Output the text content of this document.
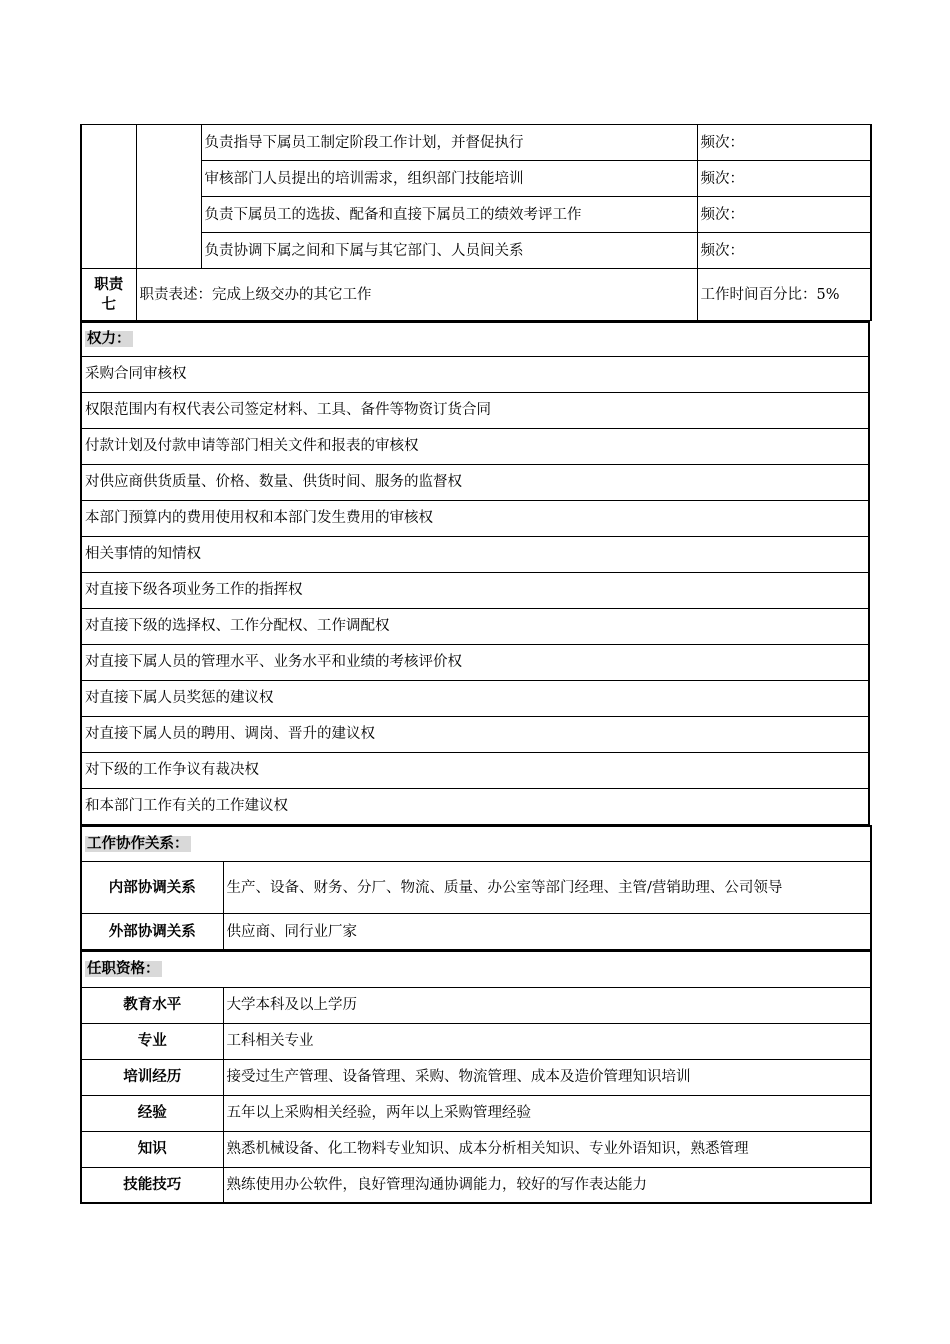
		负责指导下属员工制定阶段工作计划，并督促执行	频次：
		审核部门人员提出的培训需求，组织部门技能培训	频次：
		负责下属员工的选拔、配备和直接下属员工的绩效考评工作	频次：
		负责协调下属之间和下属与其它部门、人员间关系	频次：
职责七	职责表述：完成上级交办的其它工作		工作时间百分比：5%
权力：
采购合同审核权
权限范围内有权代表公司签定材料、工具、备件等物资订货合同
付款计划及付款申请等部门相关文件和报表的审核权
对供应商供货质量、价格、数量、供货时间、服务的监督权
本部门预算内的费用使用权和本部门发生费用的审核权
相关事情的知情权
对直接下级各项业务工作的指挥权
对直接下级的选择权、工作分配权、工作调配权
对直接下属人员的管理水平、业务水平和业绩的考核评价权
对直接下属人员奖惩的建议权
对直接下属人员的聘用、调岗、晋升的建议权
对下级的工作争议有裁决权
和本部门工作有关的工作建议权
工作协作关系：	
内部协调关系	生产、设备、财务、分厂、物流、质量、办公室等部门经理、主管/营销助理、公司领导
外部协调关系	供应商、同行业厂家
任职资格：	
教育水平	大学本科及以上学历
专业	工科相关专业
培训经历	接受过生产管理、设备管理、采购、物流管理、成本及造价管理知识培训
经验	五年以上采购相关经验，两年以上采购管理经验
知识	熟悉机械设备、化工物料专业知识、成本分析相关知识、专业外语知识，熟悉管理
技能技巧	熟练使用办公软件，良好管理沟通协调能力，较好的写作表达能力
